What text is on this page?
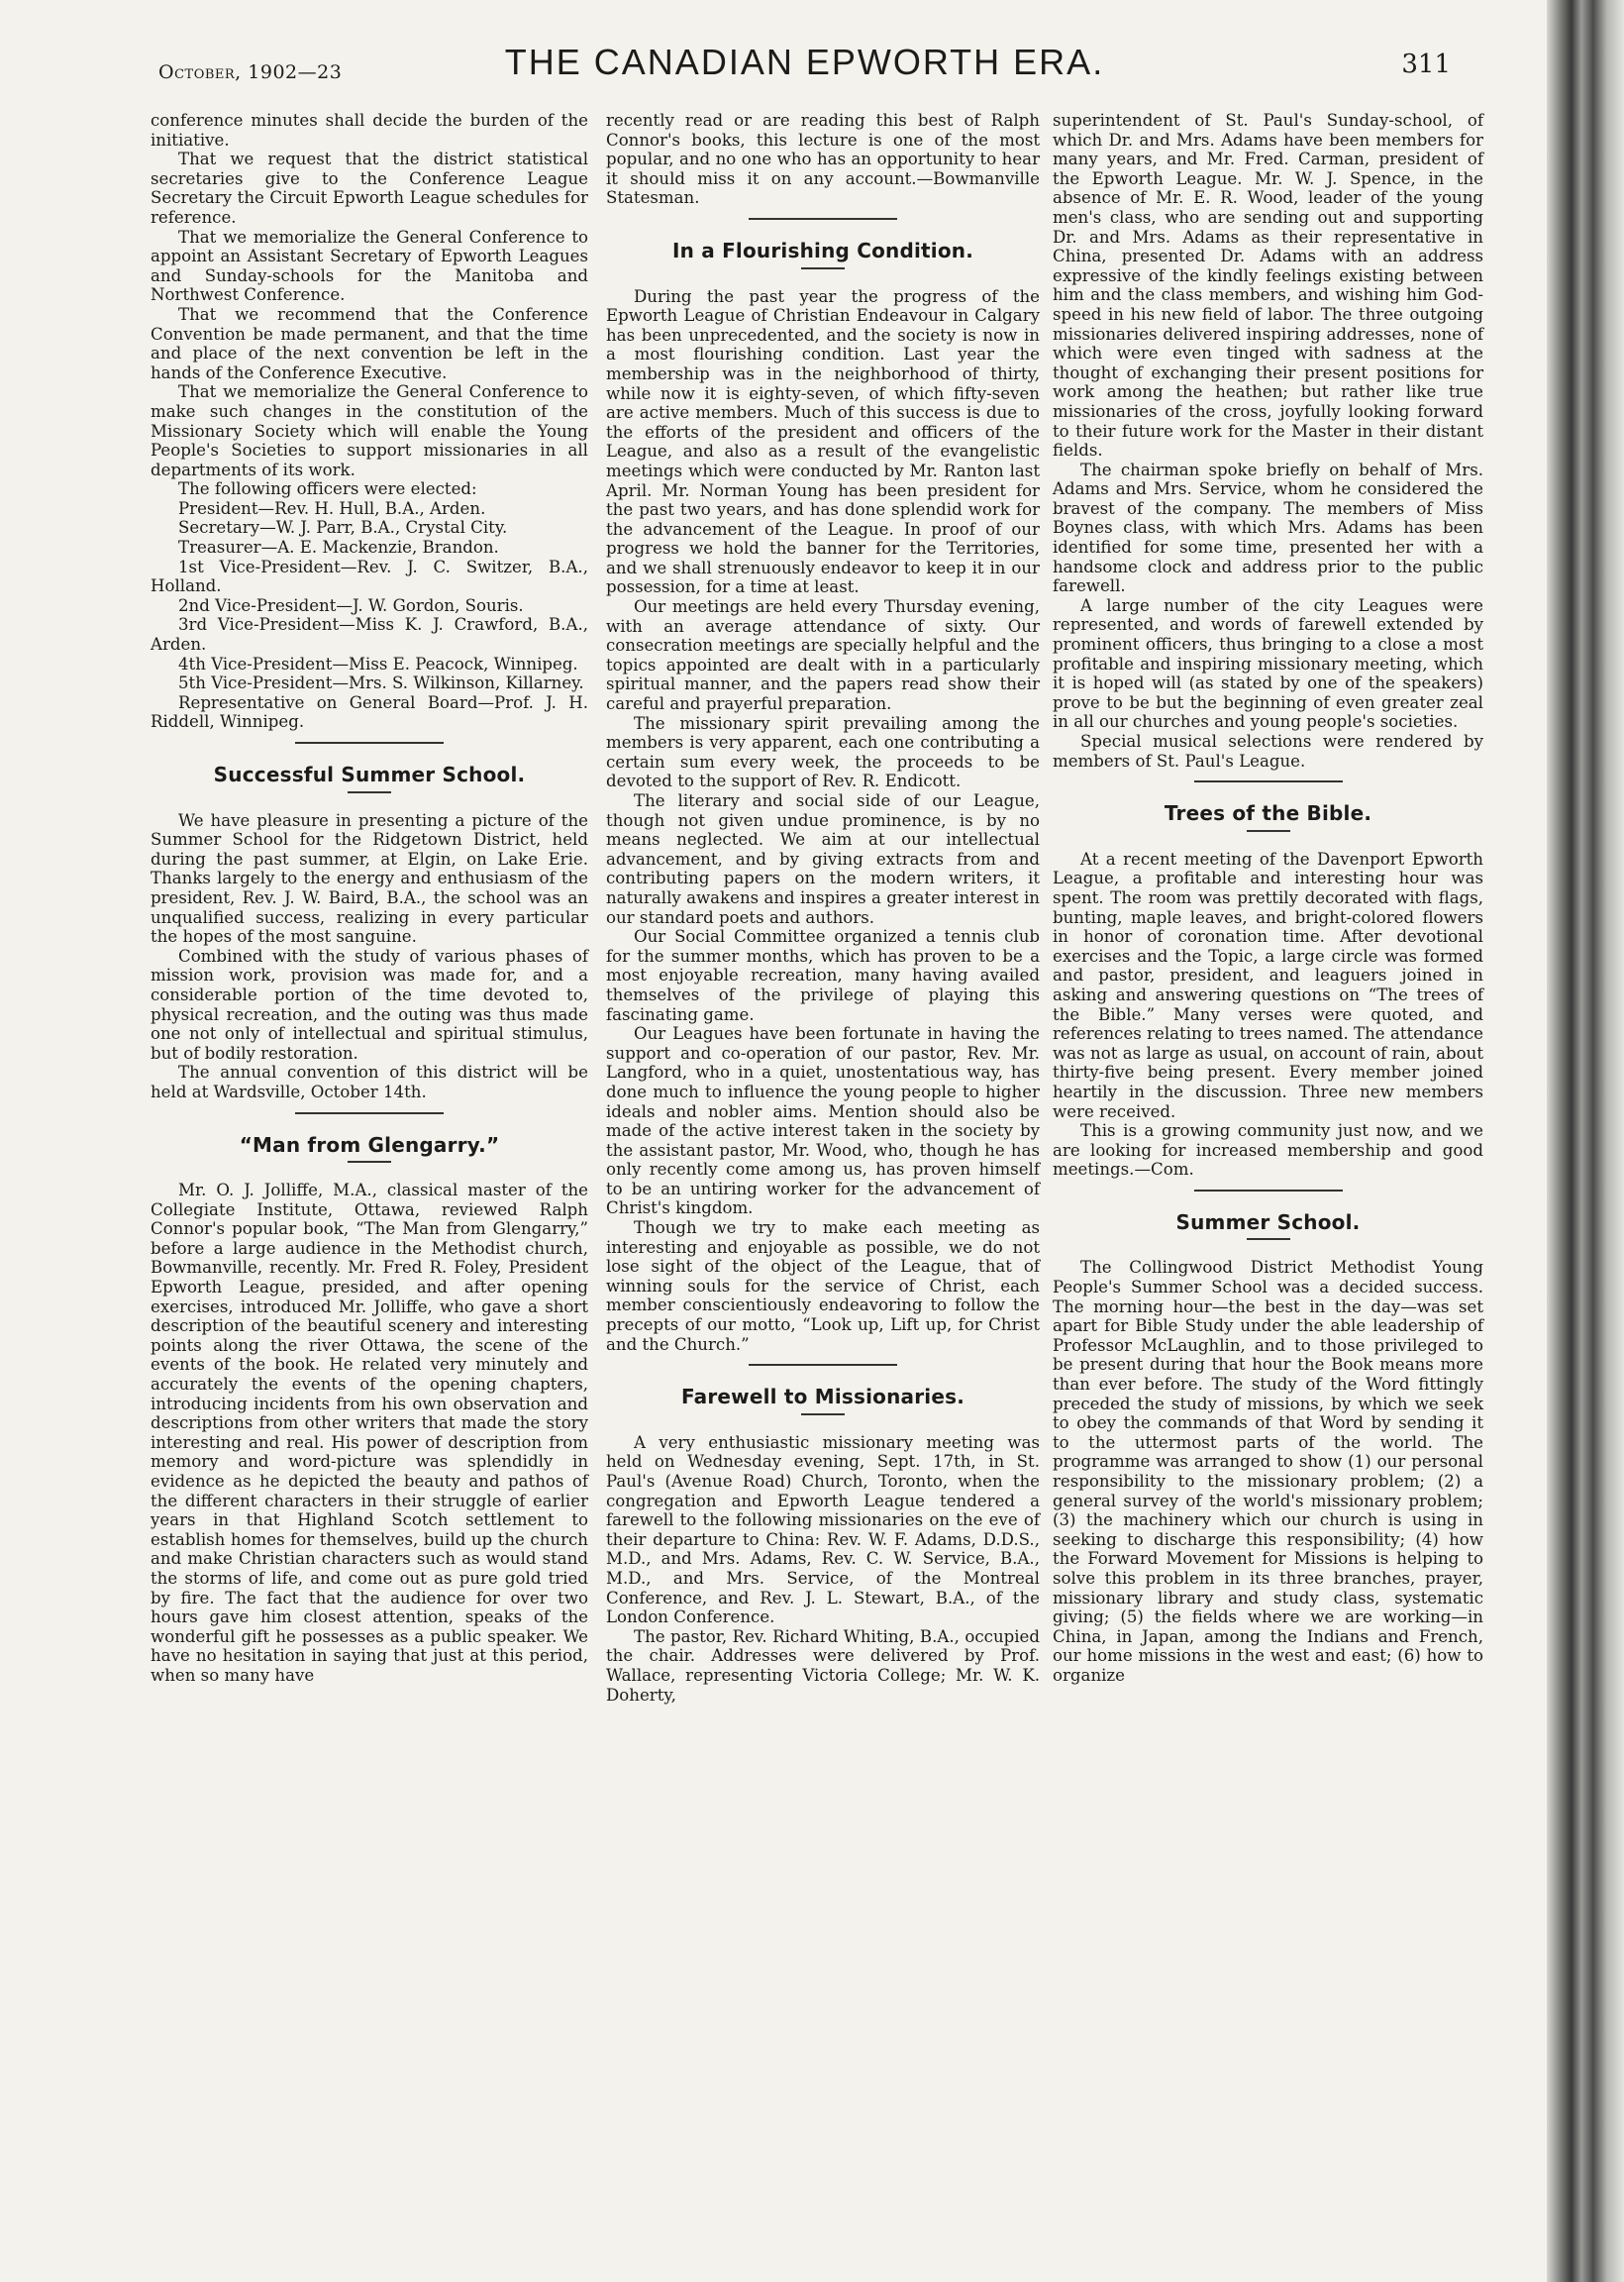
October, 1902—23	THE CANADIAN EPWORTH ERA.	311

conference minutes shall decide the burden of the initiative.

That we request that the district statistical secretaries give to the Conference League Secretary the Circuit Epworth League schedules for reference.

That we memorialize the General Conference to appoint an Assistant Secretary of Epworth Leagues and Sunday-schools for the Manitoba and Northwest Conference.

That we recommend that the Conference Convention be made permanent, and that the time and place of the next convention be left in the hands of the Conference Executive.

That we memorialize the General Conference to make such changes in the constitution of the Missionary Society which will enable the Young People's Societies to support missionaries in all departments of its work.

The following officers were elected:

President—Rev. H. Hull, B.A., Arden.

Secretary—W. J. Parr, B.A., Crystal City.

Treasurer—A. E. Mackenzie, Brandon.

1st Vice-President—Rev. J. C. Switzer, B.A., Holland.

2nd Vice-President—J. W. Gordon, Souris.

3rd Vice-President—Miss K. J. Crawford, B.A., Arden.

4th Vice-President—Miss E. Peacock, Winnipeg.

5th Vice-President—Mrs. S. Wilkinson, Killarney.

Representative on General Board—Prof. J. H. Riddell, Winnipeg.

Successful Summer School.

We have pleasure in presenting a picture of the Summer School for the Ridgetown District, held during the past summer, at Elgin, on Lake Erie. Thanks largely to the energy and enthusiasm of the president, Rev. J. W. Baird, B.A., the school was an unqualified success, realizing in every particular the hopes of the most sanguine.

Combined with the study of various phases of mission work, provision was made for, and a considerable portion of the time devoted to, physical recreation, and the outing was thus made one not only of intellectual and spiritual stimulus, but of bodily restoration.

The annual convention of this district will be held at Wardsville, October 14th.

“Man from Glengarry.”

Mr. O. J. Jolliffe, M.A., classical master of the Collegiate Institute, Ottawa, reviewed Ralph Connor's popular book, “The Man from Glengarry,” before a large audience in the Methodist church, Bowmanville, recently. Mr. Fred R. Foley, President Epworth League, presided, and after opening exercises, introduced Mr. Jolliffe, who gave a short description of the beautiful scenery and interesting points along the river Ottawa, the scene of the events of the book. He related very minutely and accurately the events of the opening chapters, introducing incidents from his own observation and descriptions from other writers that made the story interesting and real. His power of description from memory and word-picture was splendidly in evidence as he depicted the beauty and pathos of the different characters in their struggle of earlier years in that Highland Scotch settlement to establish homes for themselves, build up the church and make Christian characters such as would stand the storms of life, and come out as pure gold tried by fire. The fact that the audience for over two hours gave him closest attention, speaks of the wonderful gift he possesses as a public speaker. We have no hesitation in saying that just at this period, when so many have

recently read or are reading this best of Ralph Connor's books, this lecture is one of the most popular, and no one who has an opportunity to hear it should miss it on any account.—Bowmanville Statesman.

In a Flourishing Condition.

During the past year the progress of the Epworth League of Christian Endeavour in Calgary has been unprecedented, and the society is now in a most flourishing condition. Last year the membership was in the neighborhood of thirty, while now it is eighty-seven, of which fifty-seven are active members. Much of this success is due to the efforts of the president and officers of the League, and also as a result of the evangelistic meetings which were conducted by Mr. Ranton last April. Mr. Norman Young has been president for the past two years, and has done splendid work for the advancement of the League. In proof of our progress we hold the banner for the Territories, and we shall strenuously endeavor to keep it in our possession, for a time at least.

Our meetings are held every Thursday evening, with an average attendance of sixty. Our consecration meetings are specially helpful and the topics appointed are dealt with in a particularly spiritual manner, and the papers read show their careful and prayerful preparation.

The missionary spirit prevailing among the members is very apparent, each one contributing a certain sum every week, the proceeds to be devoted to the support of Rev. R. Endicott.

The literary and social side of our League, though not given undue prominence, is by no means neglected. We aim at our intellectual advancement, and by giving extracts from and contributing papers on the modern writers, it naturally awakens and inspires a greater interest in our standard poets and authors.

Our Social Committee organized a tennis club for the summer months, which has proven to be a most enjoyable recreation, many having availed themselves of the privilege of playing this fascinating game.

Our Leagues have been fortunate in having the support and co-operation of our pastor, Rev. Mr. Langford, who in a quiet, unostentatious way, has done much to influence the young people to higher ideals and nobler aims. Mention should also be made of the active interest taken in the society by the assistant pastor, Mr. Wood, who, though he has only recently come among us, has proven himself to be an untiring worker for the advancement of Christ's kingdom.

Though we try to make each meeting as interesting and enjoyable as possible, we do not lose sight of the object of the League, that of winning souls for the service of Christ, each member conscientiously endeavoring to follow the precepts of our motto, “Look up, Lift up, for Christ and the Church.”

Farewell to Missionaries.

A very enthusiastic missionary meeting was held on Wednesday evening, Sept. 17th, in St. Paul's (Avenue Road) Church, Toronto, when the congregation and Epworth League tendered a farewell to the following missionaries on the eve of their departure to China: Rev. W. F. Adams, D.D.S., M.D., and Mrs. Adams, Rev. C. W. Service, B.A., M.D., and Mrs. Service, of the Montreal Conference, and Rev. J. L. Stewart, B.A., of the London Conference.

The pastor, Rev. Richard Whiting, B.A., occupied the chair. Addresses were delivered by Prof. Wallace, representing Victoria College; Mr. W. K. Doherty,

superintendent of St. Paul's Sunday-school, of which Dr. and Mrs. Adams have been members for many years, and Mr. Fred. Carman, president of the Epworth League. Mr. W. J. Spence, in the absence of Mr. E. R. Wood, leader of the young men's class, who are sending out and supporting Dr. and Mrs. Adams as their representative in China, presented Dr. Adams with an address expressive of the kindly feelings existing between him and the class members, and wishing him God-speed in his new field of labor. The three outgoing missionaries delivered inspiring addresses, none of which were even tinged with sadness at the thought of exchanging their present positions for work among the heathen; but rather like true missionaries of the cross, joyfully looking forward to their future work for the Master in their distant fields.

The chairman spoke briefly on behalf of Mrs. Adams and Mrs. Service, whom he considered the bravest of the company. The members of Miss Boynes class, with which Mrs. Adams has been identified for some time, presented her with a handsome clock and address prior to the public farewell.

A large number of the city Leagues were represented, and words of farewell extended by prominent officers, thus bringing to a close a most profitable and inspiring missionary meeting, which it is hoped will (as stated by one of the speakers) prove to be but the beginning of even greater zeal in all our churches and young people's societies.

Special musical selections were rendered by members of St. Paul's League.

Trees of the Bible.

At a recent meeting of the Davenport Epworth League, a profitable and interesting hour was spent. The room was prettily decorated with flags, bunting, maple leaves, and bright-colored flowers in honor of coronation time. After devotional exercises and the Topic, a large circle was formed and pastor, president, and leaguers joined in asking and answering questions on “The trees of the Bible.” Many verses were quoted, and references relating to trees named. The attendance was not as large as usual, on account of rain, about thirty-five being present. Every member joined heartily in the discussion. Three new members were received.

This is a growing community just now, and we are looking for increased membership and good meetings.—Com.

Summer School.

The Collingwood District Methodist Young People's Summer School was a decided success. The morning hour—the best in the day—was set apart for Bible Study under the able leadership of Professor McLaughlin, and to those privileged to be present during that hour the Book means more than ever before. The study of the Word fittingly preceded the study of missions, by which we seek to obey the commands of that Word by sending it to the uttermost parts of the world. The programme was arranged to show (1) our personal responsibility to the missionary problem; (2) a general survey of the world's missionary problem; (3) the machinery which our church is using in seeking to discharge this responsibility; (4) how the Forward Movement for Missions is helping to solve this problem in its three branches, prayer, missionary library and study class, systematic giving; (5) the fields where we are working—in China, in Japan, among the Indians and French, our home missions in the west and east; (6) how to organize
